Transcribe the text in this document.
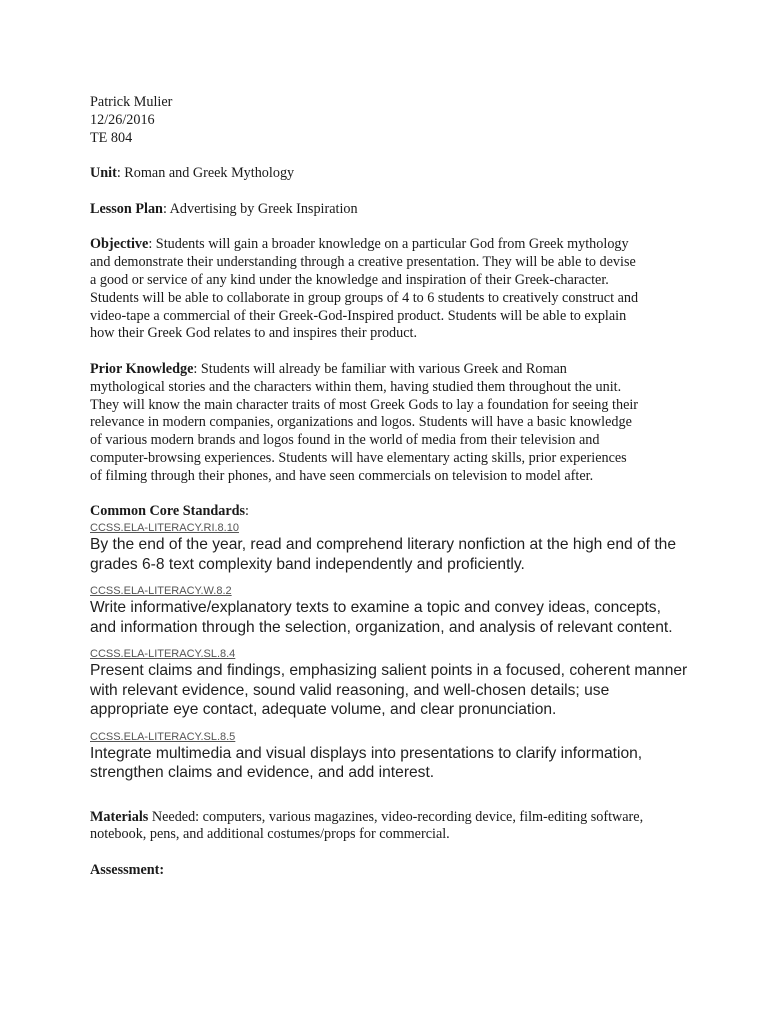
Patrick Mulier
12/26/2016
TE 804
Unit: Roman and Greek Mythology
Lesson Plan: Advertising by Greek Inspiration
Objective: Students will gain a broader knowledge on a particular God from Greek mythology
and demonstrate their understanding through a creative presentation. They will be able to devise
a good or service of any kind under the knowledge and inspiration of their Greek-character.
Students will be able to collaborate in group groups of 4 to 6 students to creatively construct and
video-tape a commercial of their Greek-God-Inspired product. Students will be able to explain
how their Greek God relates to and inspires their product.
Prior Knowledge: Students will already be familiar with various Greek and Roman
mythological stories and the characters within them, having studied them throughout the unit.
They will know the main character traits of most Greek Gods to lay a foundation for seeing their
relevance in modern companies, organizations and logos. Students will have a basic knowledge
of various modern brands and logos found in the world of media from their television and
computer-browsing experiences. Students will have elementary acting skills, prior experiences
of filming through their phones, and have seen commercials on television to model after.
Common Core Standards:
CCSS.ELA-LITERACY.RI.8.10
By the end of the year, read and comprehend literary nonfiction at the high end of the
grades 6-8 text complexity band independently and proficiently.
CCSS.ELA-LITERACY.W.8.2
Write informative/explanatory texts to examine a topic and convey ideas, concepts,
and information through the selection, organization, and analysis of relevant content.
CCSS.ELA-LITERACY.SL.8.4
Present claims and findings, emphasizing salient points in a focused, coherent manner
with relevant evidence, sound valid reasoning, and well-chosen details; use
appropriate eye contact, adequate volume, and clear pronunciation.
CCSS.ELA-LITERACY.SL.8.5
Integrate multimedia and visual displays into presentations to clarify information,
strengthen claims and evidence, and add interest.
Materials Needed: computers, various magazines, video-recording device, film-editing software,
notebook, pens, and additional costumes/props for commercial.
Assessment:
